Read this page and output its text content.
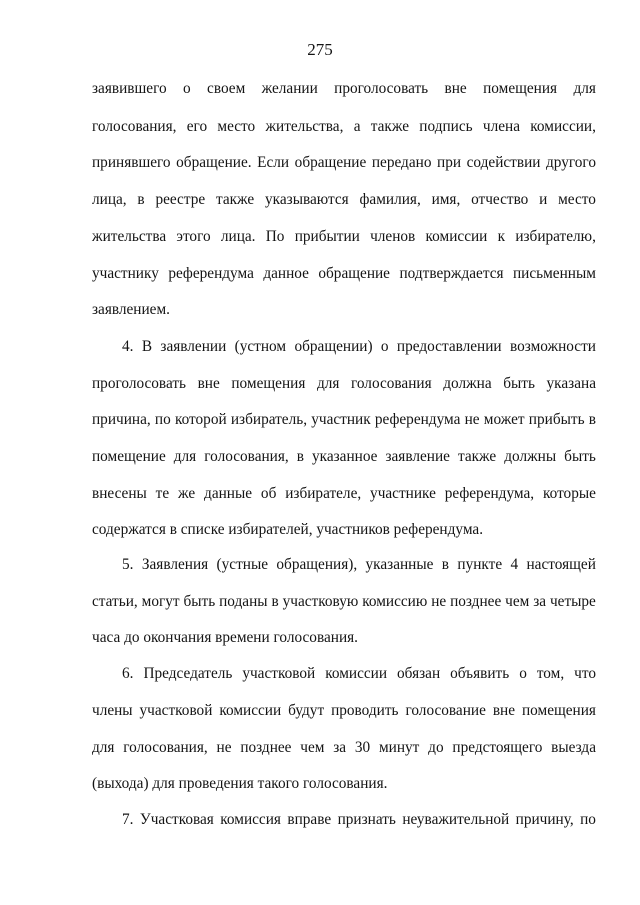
275
заявившего о своем желании проголосовать вне помещения для
голосования, его место жительства, а также подпись члена комиссии,
принявшего обращение. Если обращение передано при содействии другого
лица, в реестре также указываются фамилия, имя, отчество и место
жительства этого лица. По прибытии членов комиссии к избирателю,
участнику референдума данное обращение подтверждается письменным
заявлением.
4. В заявлении (устном обращении) о предоставлении возможности
проголосовать вне помещения для голосования должна быть указана
причина, по которой избиратель, участник референдума не может прибыть в
помещение для голосования, в указанное заявление также должны быть
внесены те же данные об избирателе, участнике референдума, которые
содержатся в списке избирателей, участников референдума.
5. Заявления (устные обращения), указанные в пункте 4 настоящей
статьи, могут быть поданы в участковую комиссию не позднее чем за четыре
часа до окончания времени голосования.
6. Председатель участковой комиссии обязан объявить о том, что
члены участковой комиссии будут проводить голосование вне помещения
для голосования, не позднее чем за 30 минут до предстоящего выезда
(выхода) для проведения такого голосования.
7. Участковая комиссия вправе признать неуважительной причину, по
